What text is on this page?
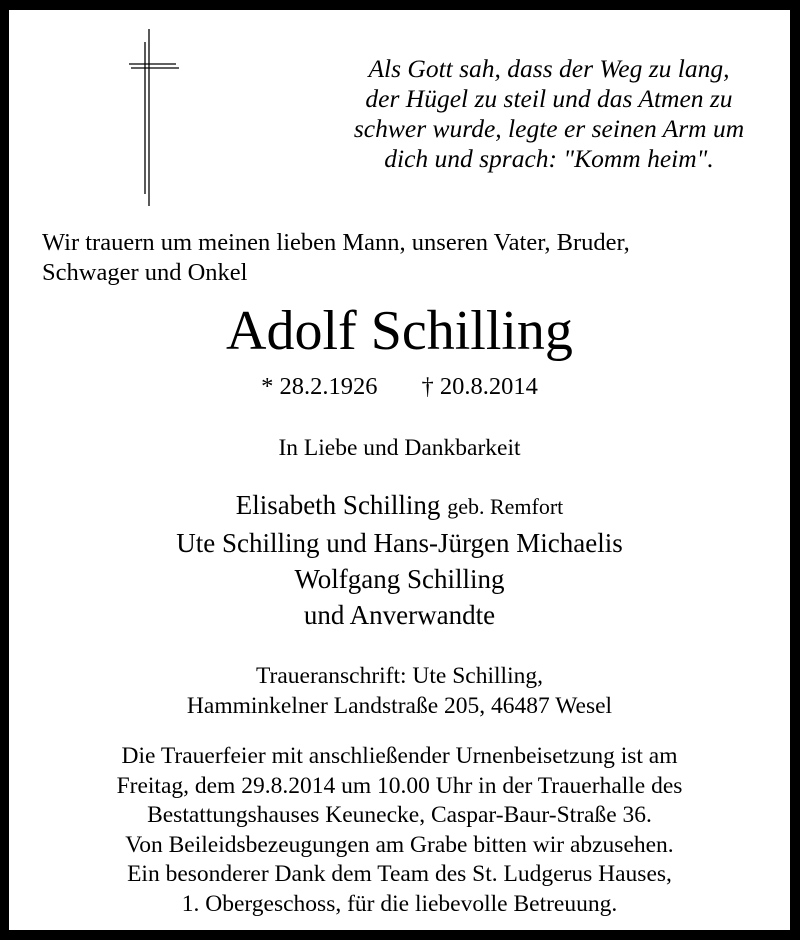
Als Gott sah, dass der Weg zu lang,
der Hügel zu steil und das Atmen zu
schwer wurde, legte er seinen Arm um
dich und sprach: "Komm heim".
Wir trauern um meinen lieben Mann, unseren Vater, Bruder,
Schwager und Onkel
Adolf Schilling
* 28.2.1926 † 20.8.2014
In Liebe und Dankbarkeit
Elisabeth Schilling geb. Remfort
Ute Schilling und Hans-Jürgen Michaelis
Wolfgang Schilling
und Anverwandte
Traueranschrift: Ute Schilling,
Hamminkelner Landstraße 205, 46487 Wesel
Die Trauerfeier mit anschließender Urnenbeisetzung ist am
Freitag, dem 29.8.2014 um 10.00 Uhr in der Trauerhalle des
Bestattungshauses Keunecke, Caspar-Baur-Straße 36.
Von Beileidsbezeugungen am Grabe bitten wir abzusehen.
Ein besonderer Dank dem Team des St. Ludgerus Hauses,
1. Obergeschoss, für die liebevolle Betreuung.
